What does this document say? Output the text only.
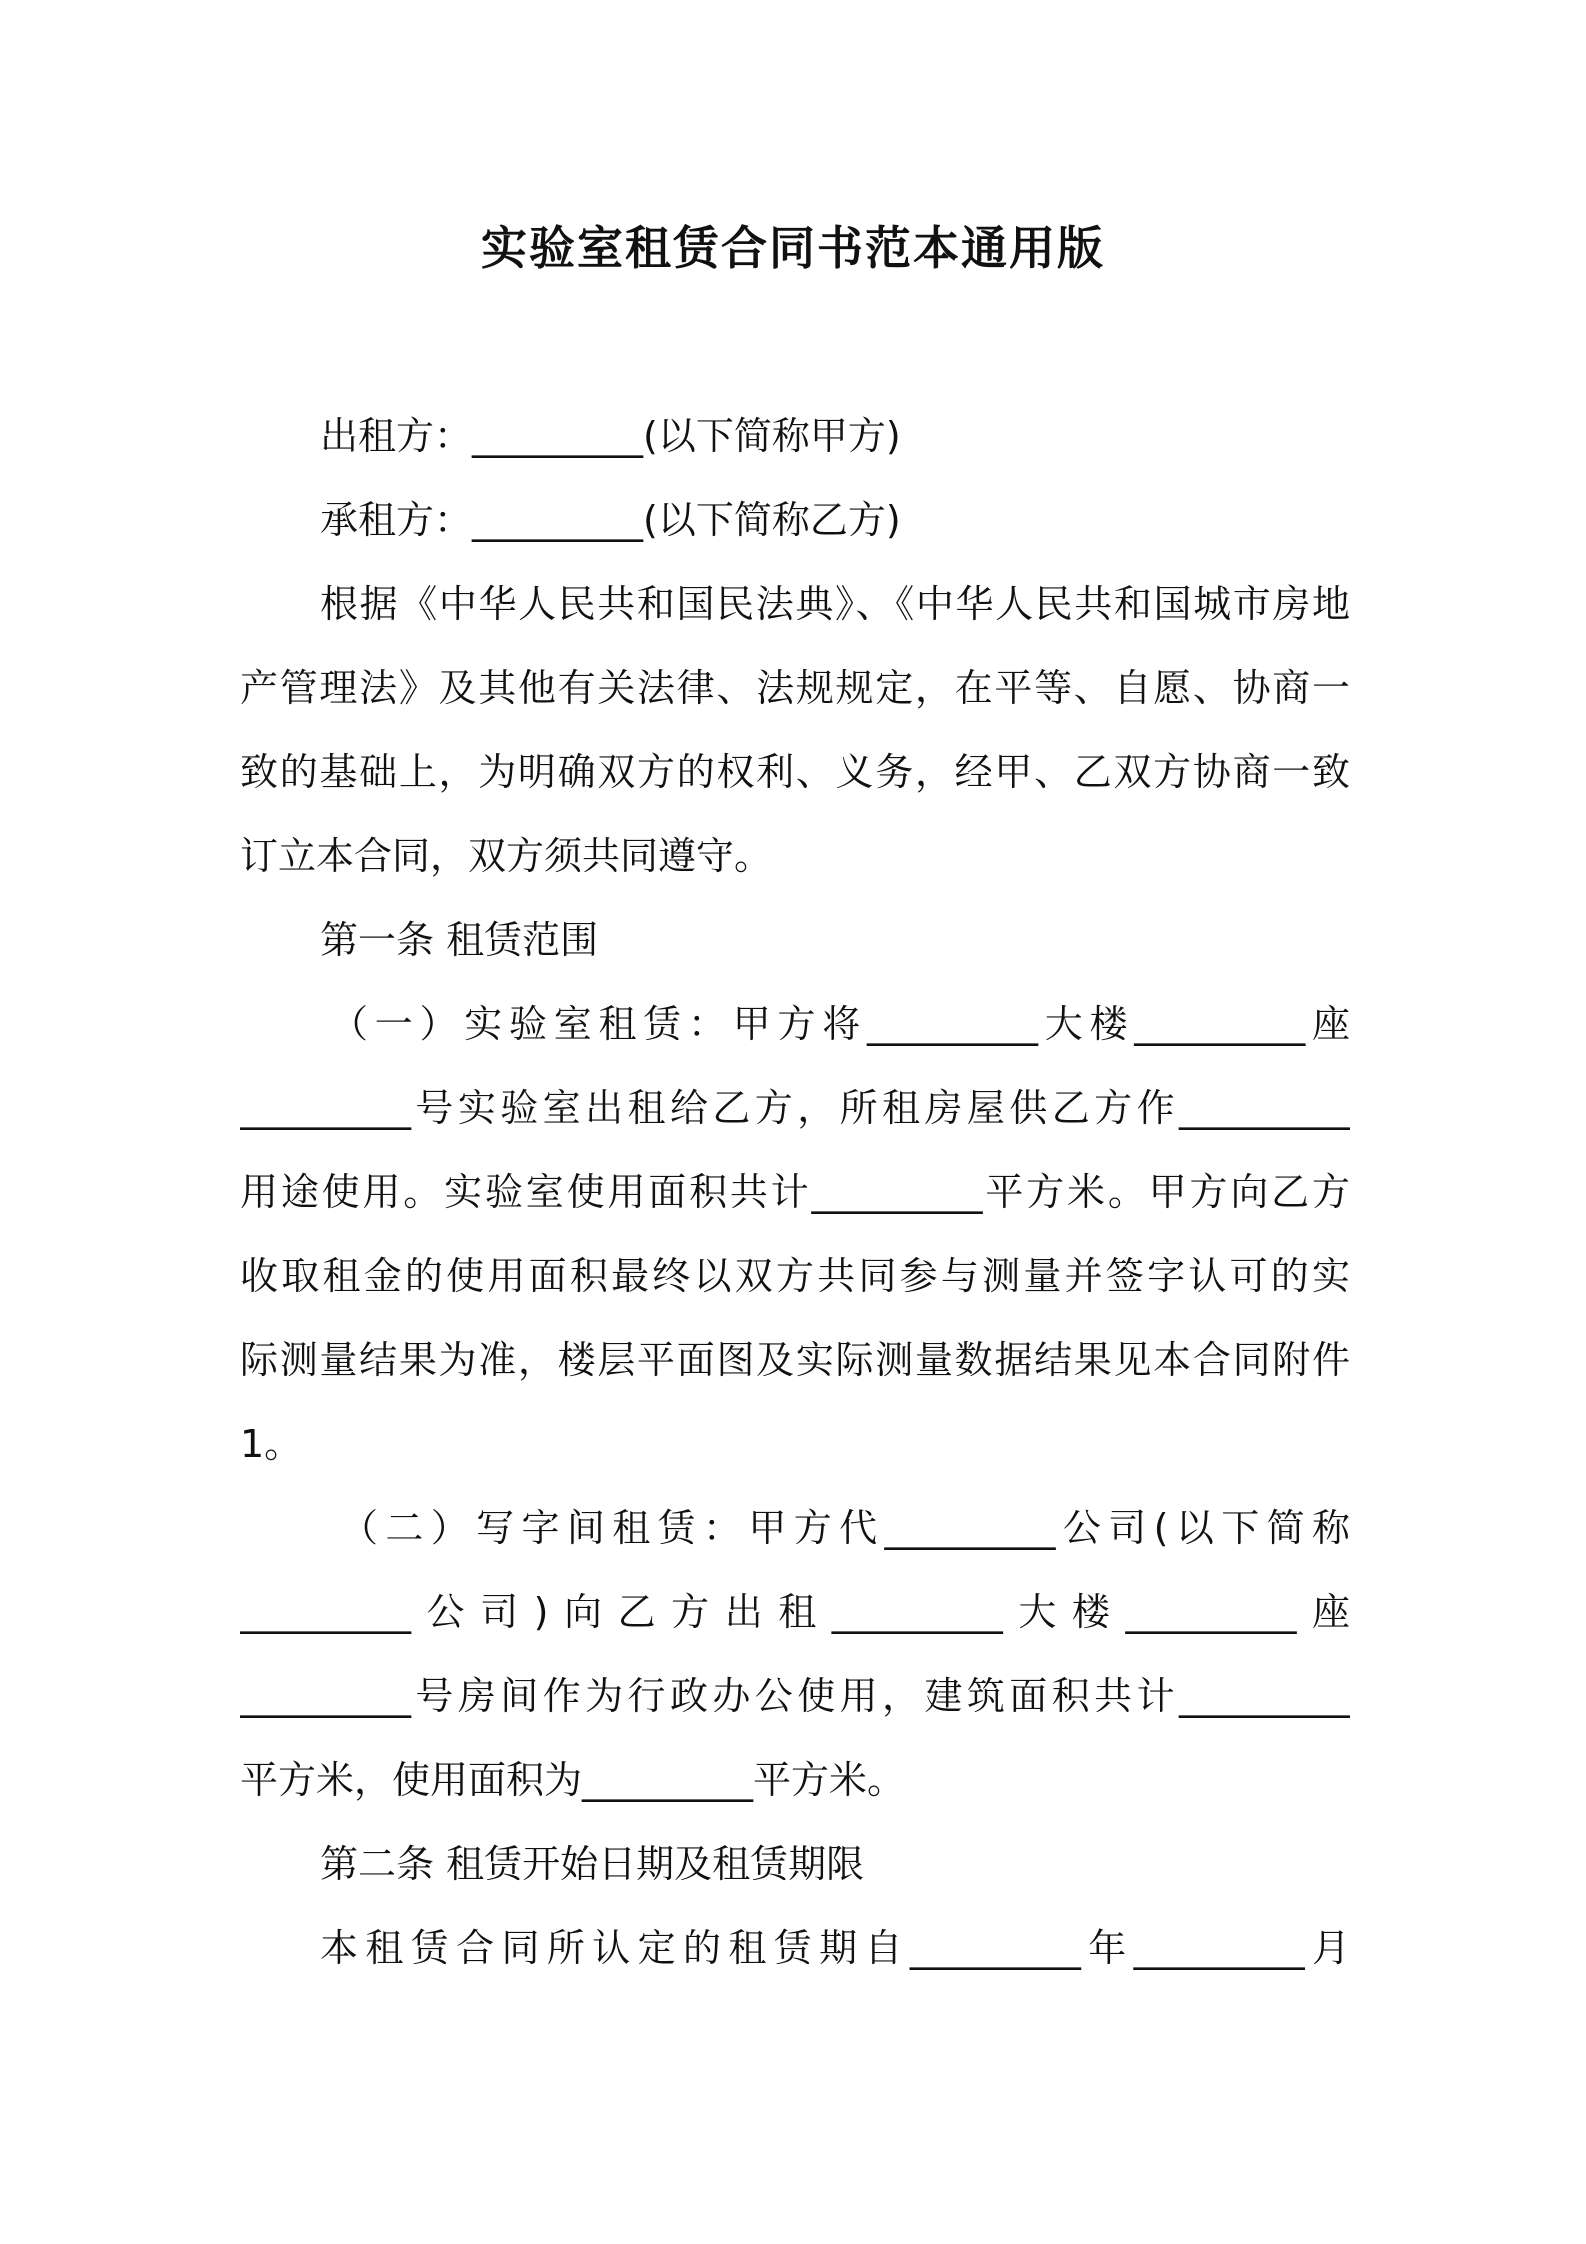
实验室租赁合同书范本通用版
出租方：_________(以下简称甲方)
承租方：_________(以下简称乙方)
根据《中华人民共和国民法典》、《中华人民共和国城市房地
产管理法》及其他有关法律、法规规定，在平等、自愿、协商一
致的基础上，为明确双方的权利、义务，经甲、乙双方协商一致
订立本合同，双方须共同遵守。
第一条 租赁范围
（一）实验室租赁：甲方将_________大楼_________座
_________号实验室出租给乙方，所租房屋供乙方作_________
用途使用。实验室使用面积共计_________平方米。甲方向乙方
收取租金的使用面积最终以双方共同参与测量并签字认可的实
际测量结果为准，楼层平面图及实际测量数据结果见本合同附件
1。
（二）写字间租赁：甲方代_________公司(以下简称
_________公司)向乙方出租_________大楼_________座
_________号房间作为行政办公使用，建筑面积共计_________
平方米，使用面积为_________平方米。
第二条 租赁开始日期及租赁期限
本租赁合同所认定的租赁期自_________年_________月
